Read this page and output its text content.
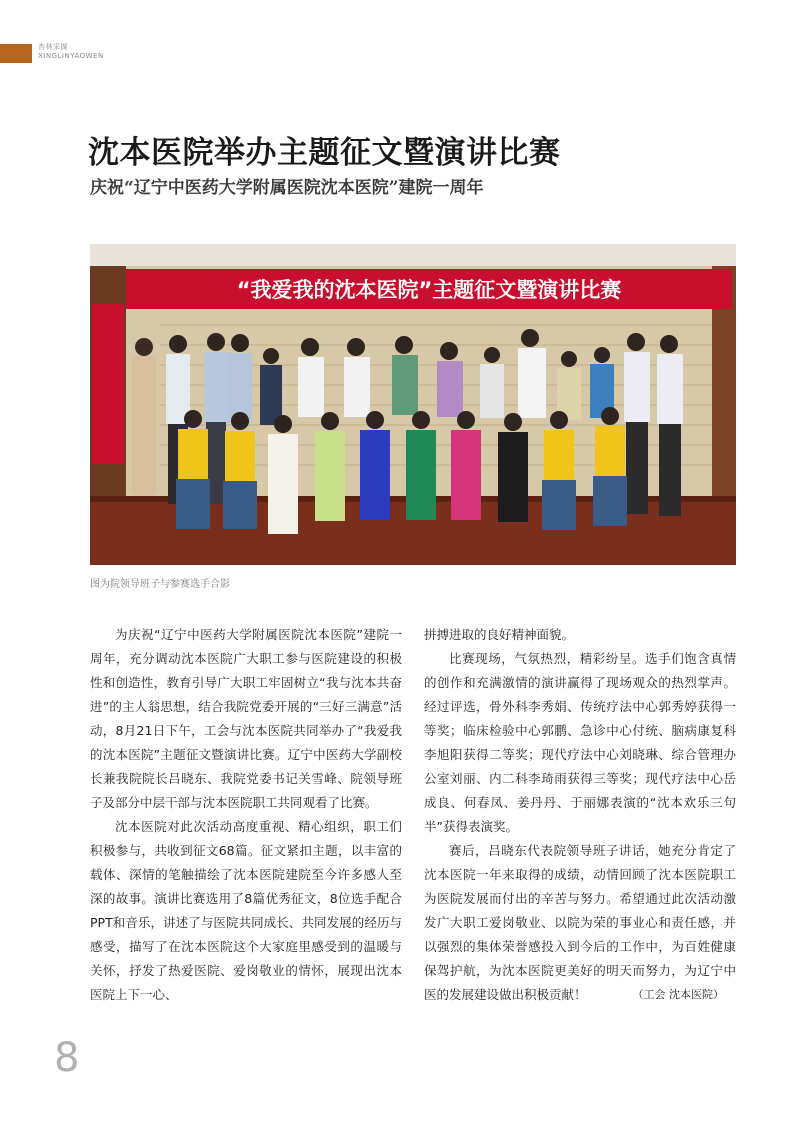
杏林采撷
XINGLINYAOWEN
沈本医院举办主题征文暨演讲比赛
庆祝“辽宁中医药大学附属医院沈本医院”建院一周年
“我爱我的沈本医院”主题征文暨演讲比赛
图为院领导班子与参赛选手合影

为庆祝“辽宁中医药大学附属医院沈本医院”建院一周年，充分调动沈本医院广大职工参与医院建设的积极性和创造性，教育引导广大职工牢固树立“我与沈本共奋进”的主人翁思想，结合我院党委开展的“三好三满意”活动，8月21日下午，工会与沈本医院共同举办了“我爱我的沈本医院”主题征文暨演讲比赛。辽宁中医药大学副校长兼我院院长吕晓东、我院党委书记关雪峰、院领导班子及部分中层干部与沈本医院职工共同观看了比赛。

沈本医院对此次活动高度重视、精心组织，职工们积极参与，共收到征文68篇。征文紧扣主题，以丰富的载体、深情的笔触描绘了沈本医院建院至今许多感人至深的故事。演讲比赛选用了8篇优秀征文，8位选手配合PPT和音乐，讲述了与医院共同成长、共同发展的经历与感受，描写了在沈本医院这个大家庭里感受到的温暖与关怀，抒发了热爱医院、爱岗敬业的情怀，展现出沈本医院上下一心、

拼搏进取的良好精神面貌。

比赛现场，气氛热烈，精彩纷呈。选手们饱含真情的创作和充满激情的演讲赢得了现场观众的热烈掌声。经过评选，骨外科李秀娟、传统疗法中心郭秀婷获得一等奖；临床检验中心郭鹏、急诊中心付统、脑病康复科李旭阳获得二等奖；现代疗法中心刘晓琳、综合管理办公室刘丽、内二科李琦雨获得三等奖；现代疗法中心岳成良、何春凤、姜丹丹、于丽娜表演的“沈本欢乐三句半”获得表演奖。

赛后，吕晓东代表院领导班子讲话，她充分肯定了沈本医院一年来取得的成绩，动情回顾了沈本医院职工为医院发展而付出的辛苦与努力。希望通过此次活动激发广大职工爱岗敬业、以院为荣的事业心和责任感，并以强烈的集体荣誉感投入到今后的工作中，为百姓健康保驾护航，为沈本医院更美好的明天而努力，为辽宁中医的发展建设做出积极贡献！	（工会 沈本医院）
8
